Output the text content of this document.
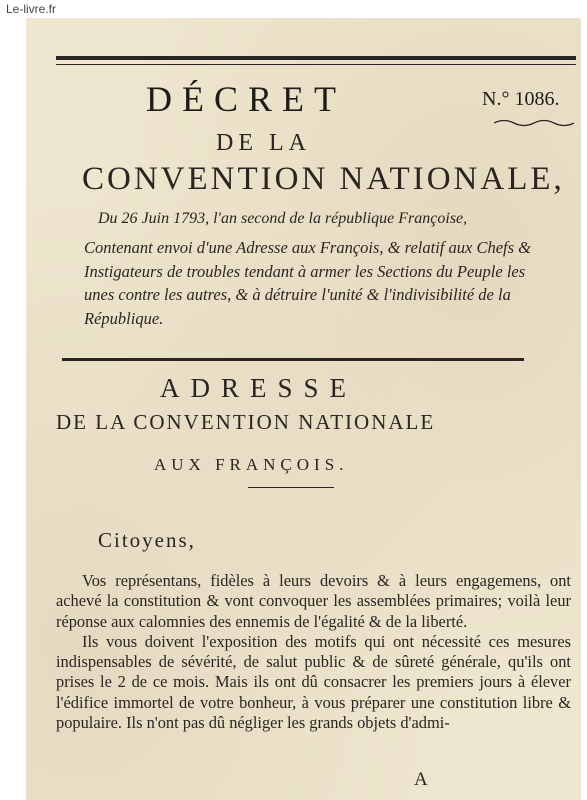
Le-livre.fr
DÉCRET	N.° 1086.
DE LA
CONVENTION NATIONALE,
Du 26 Juin 1793, l'an second de la république Françoise,
Contenant envoi d'une Adresse aux François, & relatif aux Chefs & Instigateurs de troubles tendant à armer les Sections du Peuple les unes contre les autres, & à détruire l'unité & l'indivisibilité de la République.
ADRESSE
DE LA CONVENTION NATIONALE
AUX FRANÇOIS.
Citoyens,

Vos représentans, fidèles à leurs devoirs & à leurs engagemens, ont achevé la constitution & vont convoquer les assemblées primaires; voilà leur réponse aux calomnies des ennemis de l'égalité & de la liberté.

Ils vous doivent l'exposition des motifs qui ont nécessité ces mesures indispensables de sévérité, de salut public & de sûreté générale, qu'ils ont prises le 2 de ce mois. Mais ils ont dû consacrer les premiers jours à élever l'édifice immortel de votre bonheur, à vous préparer une constitution libre & populaire. Ils n'ont pas dû négliger les grands objets d'admi-

A
